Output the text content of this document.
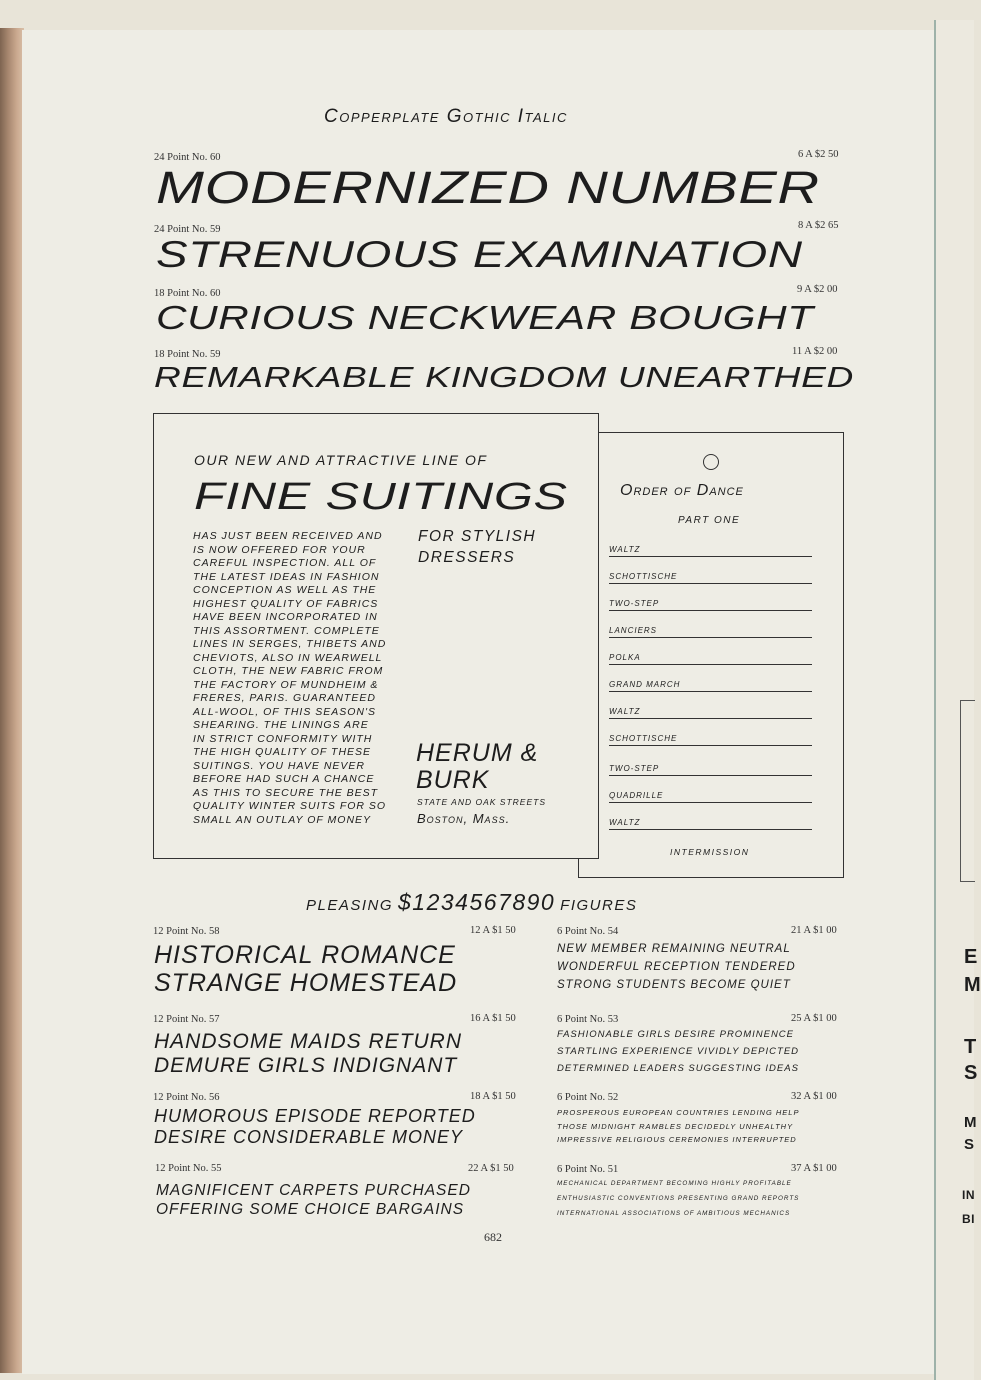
E
M
T
S
M
S
IN
BI
Copperplate Gothic Italic
24 Point No. 60	6 A $2 50
MODERNIZED NUMBER
24 Point No. 59	8 A $2 65
STRENUOUS EXAMINATION
18 Point No. 60	9 A $2 00
CURIOUS NECKWEAR BOUGHT
18 Point No. 59	11 A $2 00
REMARKABLE KINGDOM UNEARTHED
Order of Dance
PART ONE
WALTZ
SCHOTTISCHE
TWO-STEP
LANCIERS
POLKA
GRAND MARCH
WALTZ
SCHOTTISCHE
TWO-STEP
QUADRILLE
WALTZ
INTERMISSION
OUR NEW AND ATTRACTIVE LINE OF
FINE SUITINGS
HAS JUST BEEN RECEIVED AND
IS NOW OFFERED FOR YOUR
CAREFUL INSPECTION. ALL OF
THE LATEST IDEAS IN FASHION
CONCEPTION AS WELL AS THE
HIGHEST QUALITY OF FABRICS
HAVE BEEN INCORPORATED IN
THIS ASSORTMENT. COMPLETE
LINES IN SERGES, THIBETS AND
CHEVIOTS, ALSO IN WEARWELL
CLOTH, THE NEW FABRIC FROM
THE FACTORY OF MUNDHEIM &
FRERES, PARIS. GUARANTEED
ALL-WOOL, OF THIS SEASON'S
SHEARING. THE LININGS ARE
IN STRICT CONFORMITY WITH
THE HIGH QUALITY OF THESE
SUITINGS. YOU HAVE NEVER
BEFORE HAD SUCH A CHANCE
AS THIS TO SECURE THE BEST
QUALITY WINTER SUITS FOR SO
SMALL AN OUTLAY OF MONEY
FOR STYLISH
DRESSERS
HERUM &
BURK
STATE AND OAK STREETS
Boston, Mass.
PLEASING $1234567890 FIGURES
12 Point No. 58	12 A $1 50
HISTORICAL ROMANCE
STRANGE HOMESTEAD
12 Point No. 57	16 A $1 50
HANDSOME MAIDS RETURN
DEMURE GIRLS INDIGNANT
12 Point No. 56	18 A $1 50
HUMOROUS EPISODE REPORTED
DESIRE CONSIDERABLE MONEY
12 Point No. 55	22 A $1 50
MAGNIFICENT CARPETS PURCHASED
OFFERING SOME CHOICE BARGAINS
6 Point No. 54	21 A $1 00
NEW MEMBER REMAINING NEUTRAL
WONDERFUL RECEPTION TENDERED
STRONG STUDENTS BECOME QUIET
6 Point No. 53	25 A $1 00
FASHIONABLE GIRLS DESIRE PROMINENCE
STARTLING EXPERIENCE VIVIDLY DEPICTED
DETERMINED LEADERS SUGGESTING IDEAS
6 Point No. 52	32 A $1 00
PROSPEROUS EUROPEAN COUNTRIES LENDING HELP
THOSE MIDNIGHT RAMBLES DECIDEDLY UNHEALTHY
IMPRESSIVE RELIGIOUS CEREMONIES INTERRUPTED
6 Point No. 51	37 A $1 00
MECHANICAL DEPARTMENT BECOMING HIGHLY PROFITABLE
ENTHUSIASTIC CONVENTIONS PRESENTING GRAND REPORTS
INTERNATIONAL ASSOCIATIONS OF AMBITIOUS MECHANICS
682
